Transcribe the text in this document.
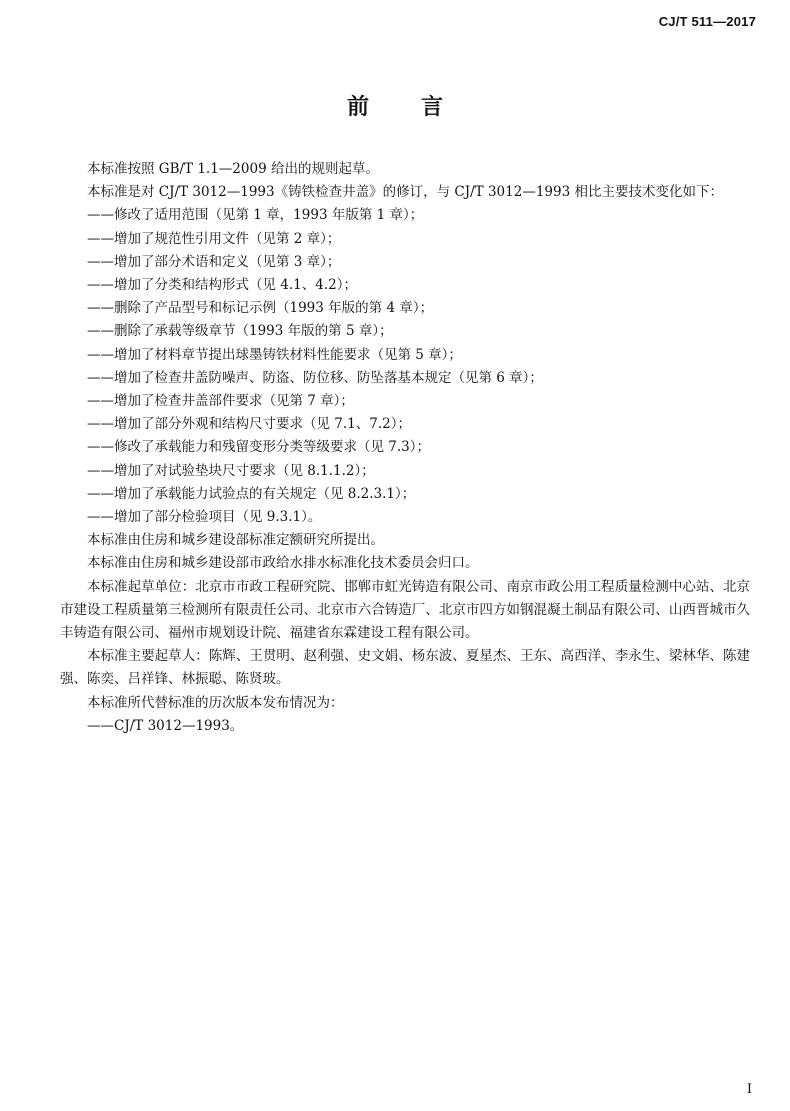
CJ/T 511—2017
前言

本标准按照 GB/T 1.1—2009 给出的规则起草。

本标准是对 CJ/T 3012—1993《铸铁检查井盖》的修订，与 CJ/T 3012—1993 相比主要技术变化如下：

——修改了适用范围（见第 1 章，1993 年版第 1 章）；
——增加了规范性引用文件（见第 2 章）；
——增加了部分术语和定义（见第 3 章）；
——增加了分类和结构形式（见 4.1、4.2）；
——删除了产品型号和标记示例（1993 年版的第 4 章）；
——删除了承载等级章节（1993 年版的第 5 章）；
——增加了材料章节提出球墨铸铁材料性能要求（见第 5 章）；
——增加了检查井盖防噪声、防盗、防位移、防坠落基本规定（见第 6 章）；
——增加了检查井盖部件要求（见第 7 章）；
——增加了部分外观和结构尺寸要求（见 7.1、7.2）；
——修改了承载能力和残留变形分类等级要求（见 7.3）；
——增加了对试验垫块尺寸要求（见 8.1.1.2）；
——增加了承载能力试验点的有关规定（见 8.2.3.1）；
——增加了部分检验项目（见 9.3.1）。

本标准由住房和城乡建设部标准定额研究所提出。

本标准由住房和城乡建设部市政给水排水标准化技术委员会归口。

本标准起草单位：北京市市政工程研究院、邯郸市虹光铸造有限公司、南京市政公用工程质量检测中心站、北京市建设工程质量第三检测所有限责任公司、北京市六合铸造厂、北京市四方如钢混凝土制品有限公司、山西晋城市久丰铸造有限公司、福州市规划设计院、福建省东霖建设工程有限公司。

本标准主要起草人：陈辉、王贯明、赵利强、史文娟、杨东波、夏星杰、王东、高西洋、李永生、梁林华、陈建强、陈奕、吕祥锋、林振聪、陈贤玻。

本标准所代替标准的历次版本发布情况为：

——CJ/T 3012—1993。
I
